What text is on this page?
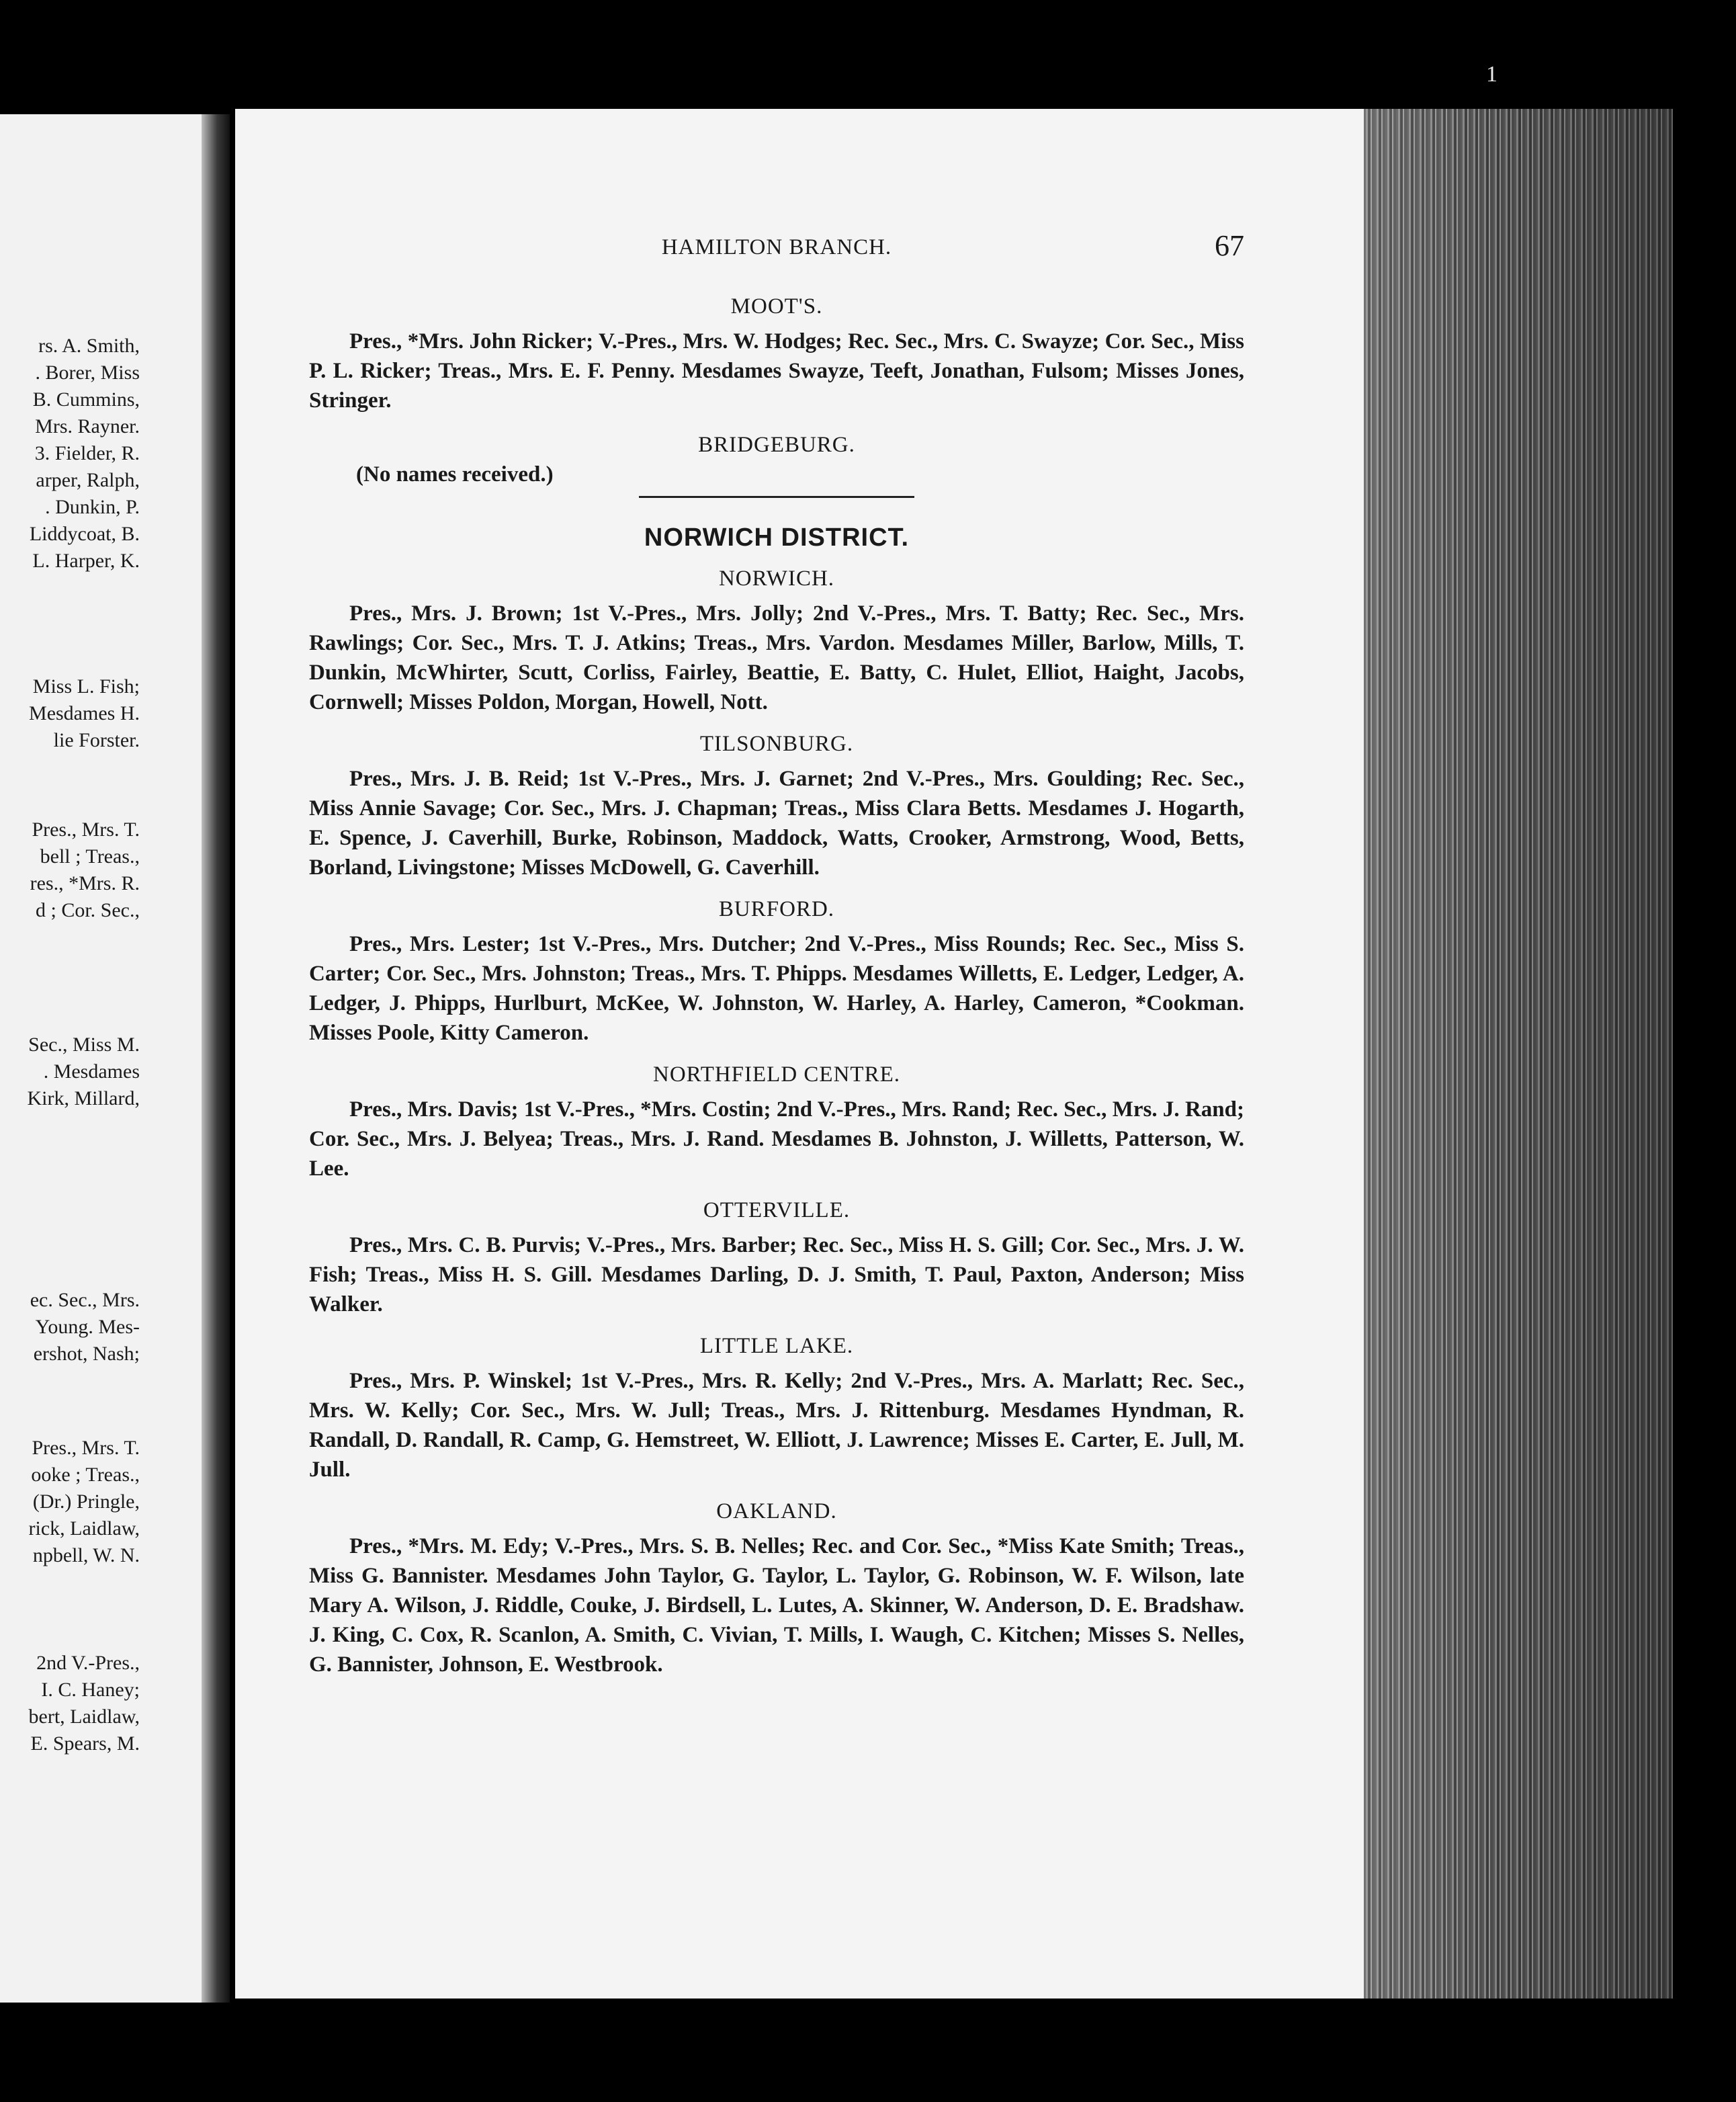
rs. A. Smith,
. Borer, Miss
B. Cummins,
Mrs. Rayner.
3. Fielder, R.
arper, Ralph,
. Dunkin, P.
Liddycoat, B.
L. Harper, K.
Miss L. Fish;
Mesdames H.
lie Forster.
Pres., Mrs. T.
bell ; Treas.,
res., *Mrs. R.
d ; Cor. Sec.,
Sec., Miss M.
. Mesdames
Kirk, Millard,
ec. Sec., Mrs.
Young. Mes-
ershot, Nash;
Pres., Mrs. T.
ooke ; Treas.,
(Dr.) Pringle,
rick, Laidlaw,
npbell, W. N.
2nd V.-Pres.,
I. C. Haney;
bert, Laidlaw,
E. Spears, M.
1
HAMILTON BRANCH.	67
MOOT'S.

Pres., *Mrs. John Ricker; V.-Pres., Mrs. W. Hodges; Rec. Sec., Mrs. C. Swayze; Cor. Sec., Miss P. L. Ricker; Treas., Mrs. E. F. Penny. Mesdames Swayze, Teeft, Jonathan, Fulsom; Misses Jones, Stringer.

BRIDGEBURG.

(No names received.)

NORWICH DISTRICT.
NORWICH.

Pres., Mrs. J. Brown; 1st V.-Pres., Mrs. Jolly; 2nd V.-Pres., Mrs. T. Batty; Rec. Sec., Mrs. Rawlings; Cor. Sec., Mrs. T. J. Atkins; Treas., Mrs. Vardon. Mesdames Miller, Barlow, Mills, T. Dunkin, McWhirter, Scutt, Corliss, Fairley, Beattie, E. Batty, C. Hulet, Elliot, Haight, Jacobs, Cornwell; Misses Poldon, Morgan, Howell, Nott.

TILSONBURG.

Pres., Mrs. J. B. Reid; 1st V.-Pres., Mrs. J. Garnet; 2nd V.-Pres., Mrs. Goulding; Rec. Sec., Miss Annie Savage; Cor. Sec., Mrs. J. Chapman; Treas., Miss Clara Betts. Mesdames J. Hogarth, E. Spence, J. Caverhill, Burke, Robinson, Maddock, Watts, Crooker, Armstrong, Wood, Betts, Borland, Livingstone; Misses McDowell, G. Caverhill.

BURFORD.

Pres., Mrs. Lester; 1st V.-Pres., Mrs. Dutcher; 2nd V.-Pres., Miss Rounds; Rec. Sec., Miss S. Carter; Cor. Sec., Mrs. Johnston; Treas., Mrs. T. Phipps. Mesdames Willetts, E. Ledger, Ledger, A. Ledger, J. Phipps, Hurlburt, McKee, W. Johnston, W. Harley, A. Harley, Cameron, *Cookman. Misses Poole, Kitty Cameron.

NORTHFIELD CENTRE.

Pres., Mrs. Davis; 1st V.-Pres., *Mrs. Costin; 2nd V.-Pres., Mrs. Rand; Rec. Sec., Mrs. J. Rand; Cor. Sec., Mrs. J. Belyea; Treas., Mrs. J. Rand. Mesdames B. Johnston, J. Willetts, Patterson, W. Lee.

OTTERVILLE.

Pres., Mrs. C. B. Purvis; V.-Pres., Mrs. Barber; Rec. Sec., Miss H. S. Gill; Cor. Sec., Mrs. J. W. Fish; Treas., Miss H. S. Gill. Mesdames Darling, D. J. Smith, T. Paul, Paxton, Anderson; Miss Walker.

LITTLE LAKE.

Pres., Mrs. P. Winskel; 1st V.-Pres., Mrs. R. Kelly; 2nd V.-Pres., Mrs. A. Marlatt; Rec. Sec., Mrs. W. Kelly; Cor. Sec., Mrs. W. Jull; Treas., Mrs. J. Rittenburg. Mesdames Hyndman, R. Randall, D. Randall, R. Camp, G. Hemstreet, W. Elliott, J. Lawrence; Misses E. Carter, E. Jull, M. Jull.

OAKLAND.

Pres., *Mrs. M. Edy; V.-Pres., Mrs. S. B. Nelles; Rec. and Cor. Sec., *Miss Kate Smith; Treas., Miss G. Bannister. Mesdames John Taylor, G. Taylor, L. Taylor, G. Robinson, W. F. Wilson, late Mary A. Wilson, J. Riddle, Couke, J. Birdsell, L. Lutes, A. Skinner, W. Anderson, D. E. Bradshaw. J. King, C. Cox, R. Scanlon, A. Smith, C. Vivian, T. Mills, I. Waugh, C. Kitchen; Misses S. Nelles, G. Bannister, Johnson, E. Westbrook.
